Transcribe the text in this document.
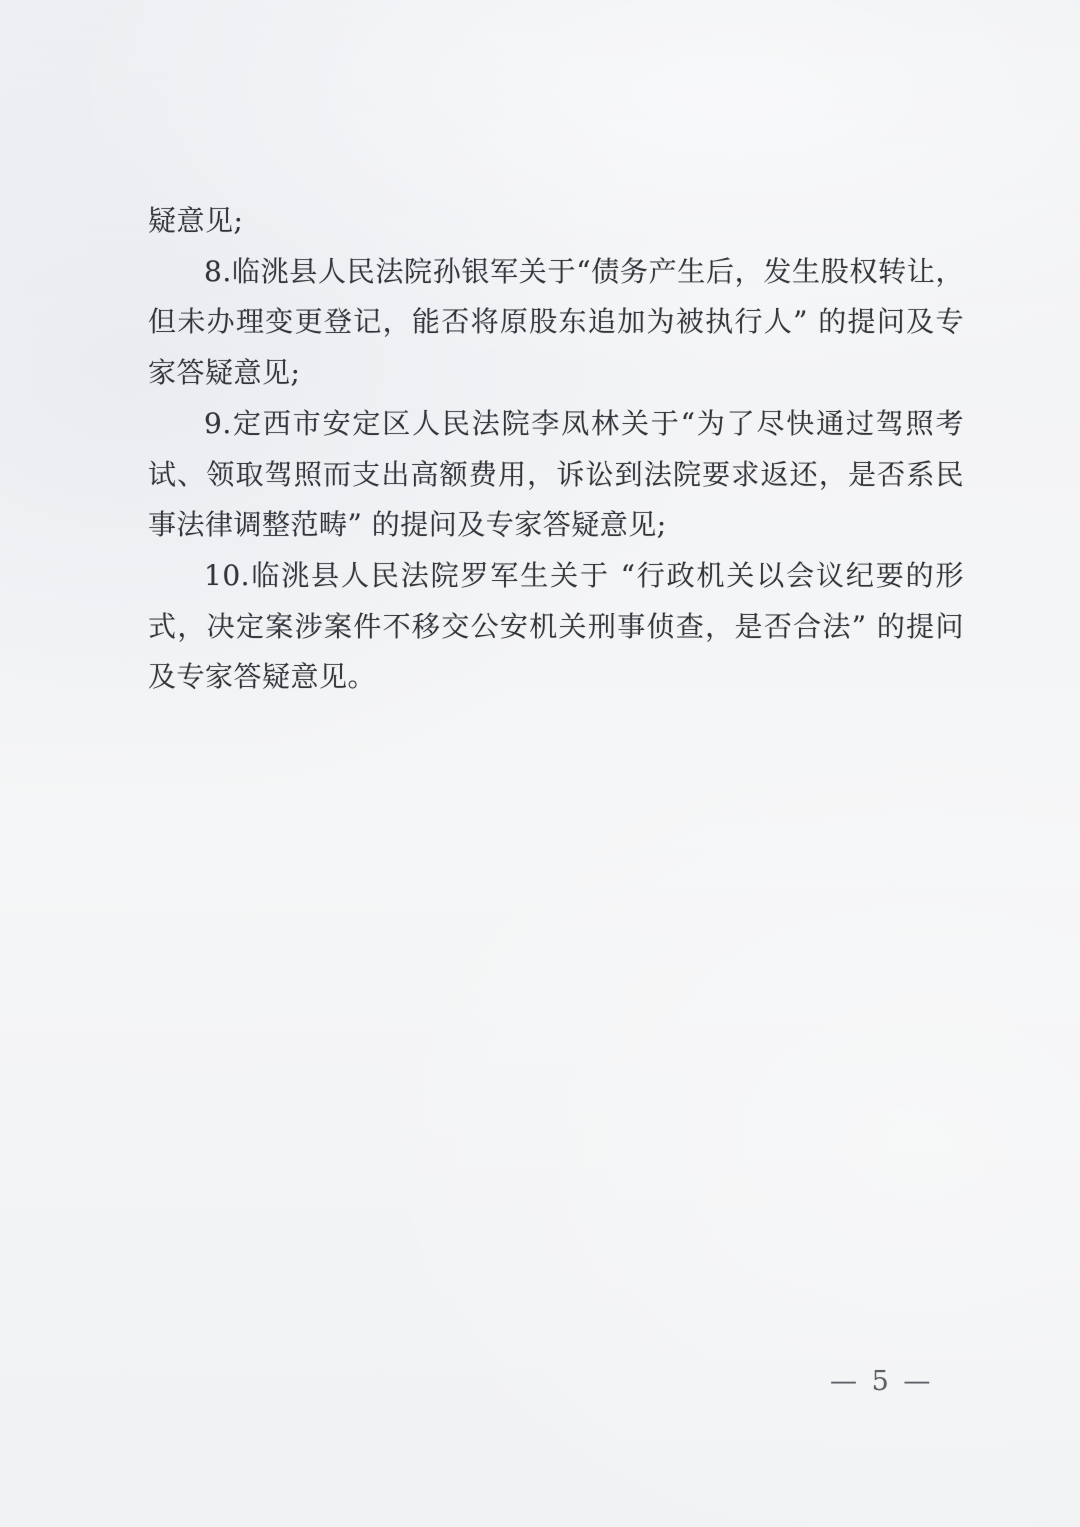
疑意见;

8.临洮县人民法院孙银军关于“债务产生后，发生股权转让，

但未办理变更登记，能否将原股东追加为被执行人” 的提问及专

家答疑意见;

9.定西市安定区人民法院李凤林关于“为了尽快通过驾照考

试、领取驾照而支出高额费用，诉讼到法院要求返还，是否系民

事法律调整范畴” 的提问及专家答疑意见;

10.临洮县人民法院罗军生关于 “行政机关以会议纪要的形

式，决定案涉案件不移交公安机关刑事侦查，是否合法” 的提问

及专家答疑意见。

— 5 —
